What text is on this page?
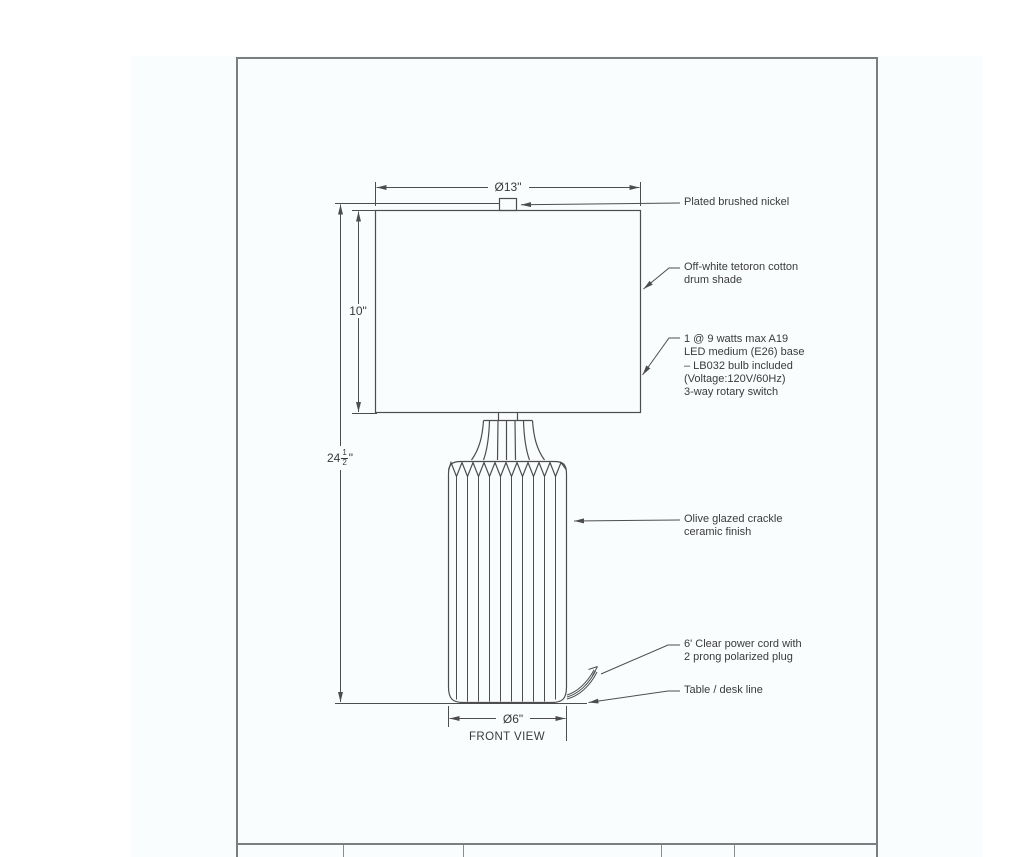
Ø13"
10"
$24 \frac{1}{2}$ "
Ø6"
FRONT VIEW
Plated brushed nickel
Off-white tetoron cotton
drum shade
1 @ 9 watts max A19
LED medium (E26) base
– LB032 bulb included
(Voltage:120V/60Hz)
3-way rotary switch
Olive glazed crackle
ceramic finish
6' Clear power cord with
2 prong polarized plug
Table / desk line
